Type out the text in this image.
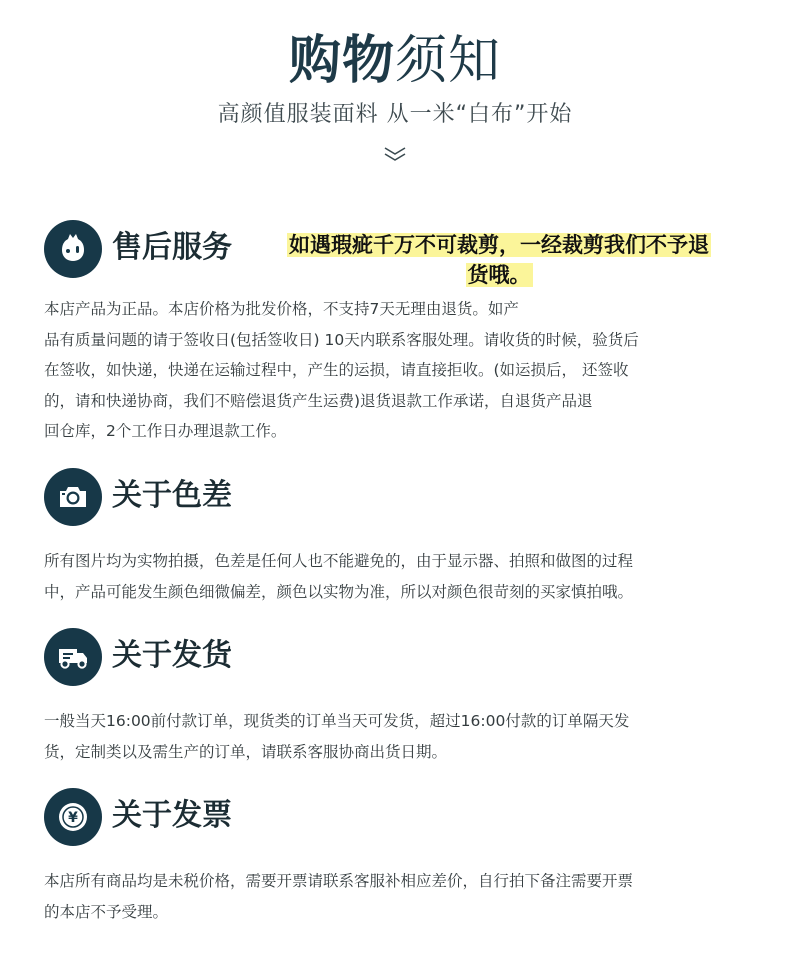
购物须知
高颜值服装面料 从一米“白布”开始
售后服务	如遇瑕疵千万不可裁剪，一经裁剪我们不予退
货哦。

本店产品为正品。本店价格为批发价格，不支持7天无理由退货。如产
品有质量问题的请于签收日(包括签收日) 10天内联系客服处理。请收货的时候，验货后
在签收，如快递，快递在运输过程中，产生的运损，请直接拒收。(如运损后， 还签收
的，请和快递协商，我们不赔偿退货产生运费)退货退款工作承诺，自退货产品退
回仓库，2个工作日办理退款工作。

关于色差

所有图片均为实物拍摄，色差是任何人也不能避免的，由于显示器、拍照和做图的过程
中，产品可能发生颜色细微偏差，颜色以实物为准，所以对颜色很苛刻的买家慎拍哦。

关于发货

一般当天16:00前付款订单，现货类的订单当天可发货，超过16:00付款的订单隔天发
货，定制类以及需生产的订单，请联系客服协商出货日期。

¥ 关于发票

本店所有商品均是未税价格，需要开票请联系客服补相应差价，自行拍下备注需要开票
的本店不予受理。
